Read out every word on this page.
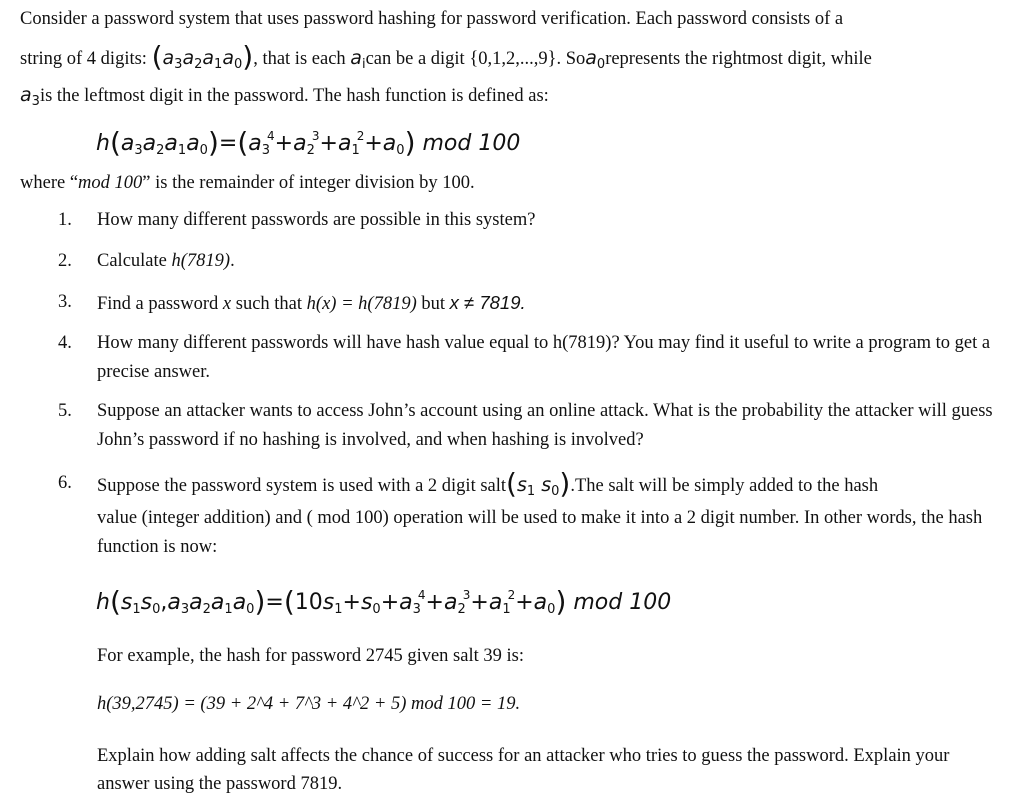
Consider a password system that uses password hashing for password verification. Each password consists of a
string of 4 digits: $(a_3a_2a_1a_0)$, that is each $a_ican$ be a digit {0,1,2,...,9}. Soa$_0$represents the rightmost digit, while
$a_3is$ the leftmost digit in the password. The hash function is defined as:
$h(a_3a_2a_1a_0)=(a_3^4+a_2^3+a_1^2+a_0)$ mod 100
where “mod 100” is the remainder of integer division by 100.
1. How many different passwords are possible in this system?
2. Calculate h(7819).
3. Find a password x such that h(x) = h(7819) but x ≠ 7819.
4. How many different passwords will have hash value equal to h(7819)? You may find it useful to write a program to get a precise answer.
5. Suppose an attacker wants to access John’s account using an online attack. What is the probability the attacker will guess John’s password if no hashing is involved, and when hashing is involved?
6. Suppose the password system is used with a 2 digit $salt(s_1$ $s_0).The$ salt will be simply added to the hash
value (integer addition) and ( mod 100) operation will be used to make it into a 2 digit number. In other words, the hash function is now:
$h(s_1s_0,a_3a_2a_1a_0)=(10s_1+s_0+a_3^4+a_2^3+a_1^2+a_0)$ mod 100
For example, the hash for password 2745 given salt 39 is:
h(39,2745) = (39 + 2^4 + 7^3 + 4^2 + 5) mod 100 = 19.
Explain how adding salt affects the chance of success for an attacker who tries to guess the password. Explain your answer using the password 7819.
